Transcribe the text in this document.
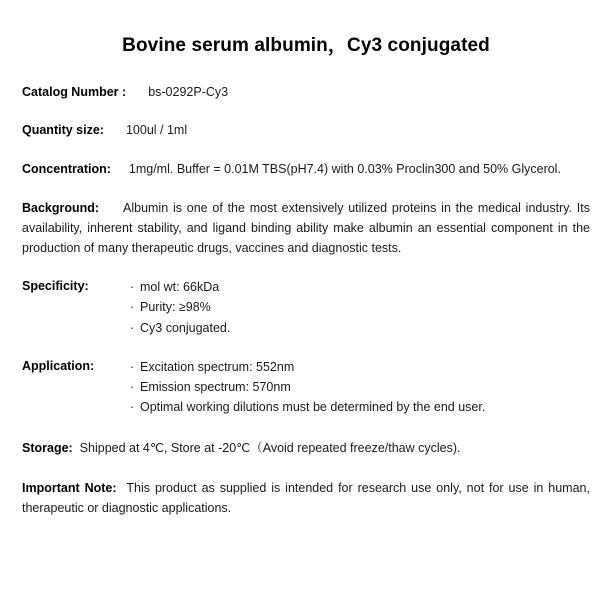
Bovine serum albumin，Cy3 conjugated
Catalog Number : bs-0292P-Cy3
Quantity size: 100ul / 1ml
Concentration: 1mg/ml. Buffer = 0.01M TBS(pH7.4) with 0.03% Proclin300 and 50% Glycerol.
Background: Albumin is one of the most extensively utilized proteins in the medical industry. Its availability, inherent stability, and ligand binding ability make albumin an essential component in the production of many therapeutic drugs, vaccines and diagnostic tests.
Specificity:	· mol wt: 66kDa
· Purity: ≥98%
· Cy3 conjugated.
Application:	· Excitation spectrum: 552nm
· Emission spectrum: 570nm
· Optimal working dilutions must be determined by the end user.
Storage: Shipped at 4℃, Store at -20℃（Avoid repeated freeze/thaw cycles).
Important Note: This product as supplied is intended for research use only, not for use in human, therapeutic or diagnostic applications.
